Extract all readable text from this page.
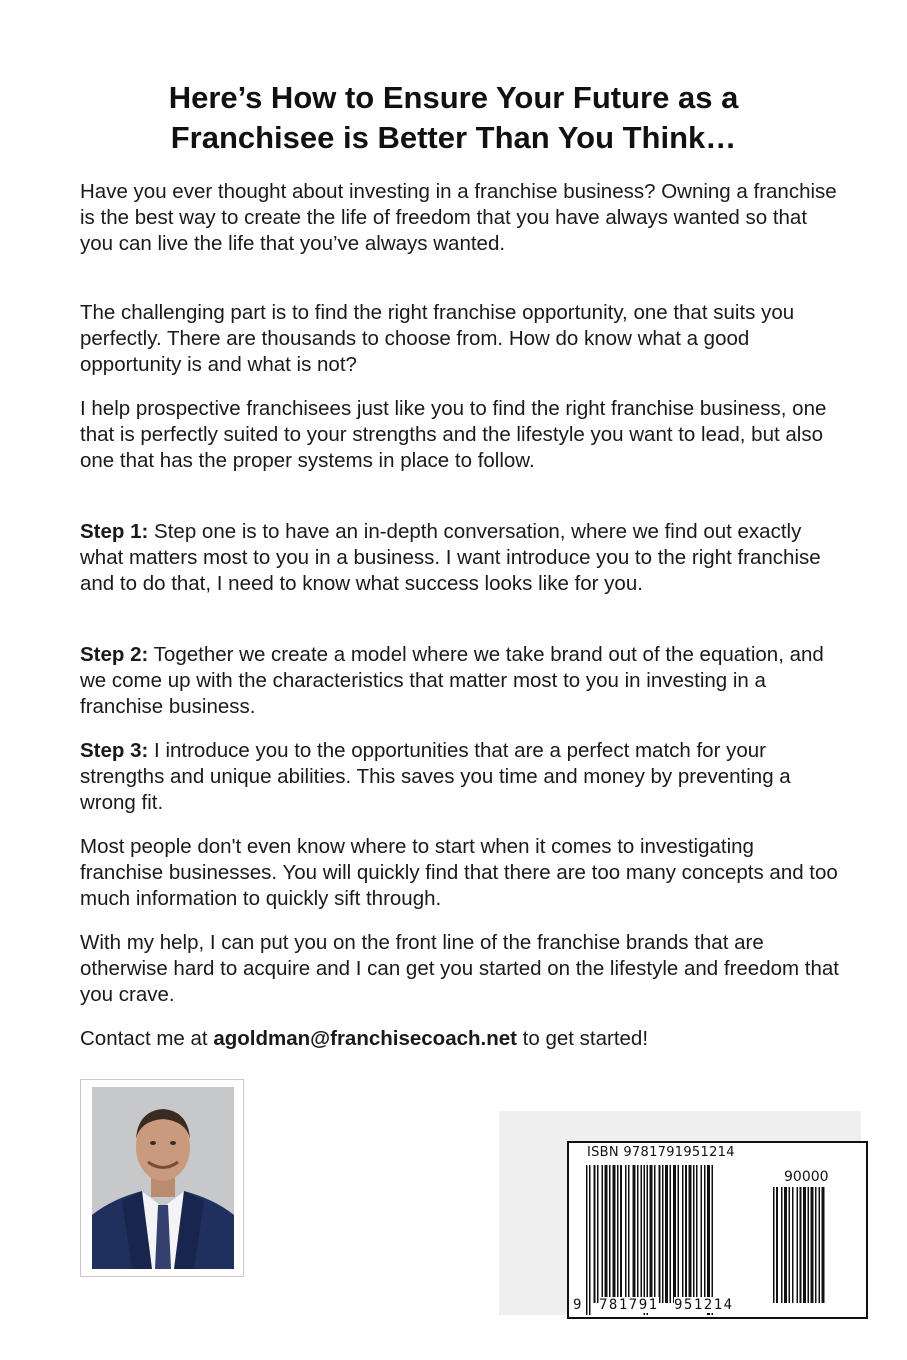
Here’s How to Ensure Your Future as a
Franchisee is Better Than You Think…

Have you ever thought about investing in a franchise business? Owning a franchise is the best way to create the life of freedom that you have always wanted so that you can live the life that you’ve always wanted.

The challenging part is to find the right franchise opportunity, one that suits you perfectly. There are thousands to choose from. How do know what a good opportunity is and what is not?

I help prospective franchisees just like you to find the right franchise business, one that is perfectly suited to your strengths and the lifestyle you want to lead, but also one that has the proper systems in place to follow.

Step 1: Step one is to have an in-depth conversation, where we find out exactly what matters most to you in a business. I want introduce you to the right franchise and to do that, I need to know what success looks like for you.

Step 2: Together we create a model where we take brand out of the equation, and we come up with the characteristics that matter most to you in investing in a franchise business.

Step 3: I introduce you to the opportunities that are a perfect match for your strengths and unique abilities. This saves you time and money by preventing a wrong fit.

Most people don't even know where to start when it comes to investigating franchise businesses. You will quickly find that there are too many concepts and too much information to quickly sift through.

With my help, I can put you on the front line of the franchise brands that are otherwise hard to acquire and I can get you started on the lifestyle and freedom that you crave.

Contact me at agoldman@franchisecoach.net to get started!

ISBN 9781791951214
90000
9 781791 951214
